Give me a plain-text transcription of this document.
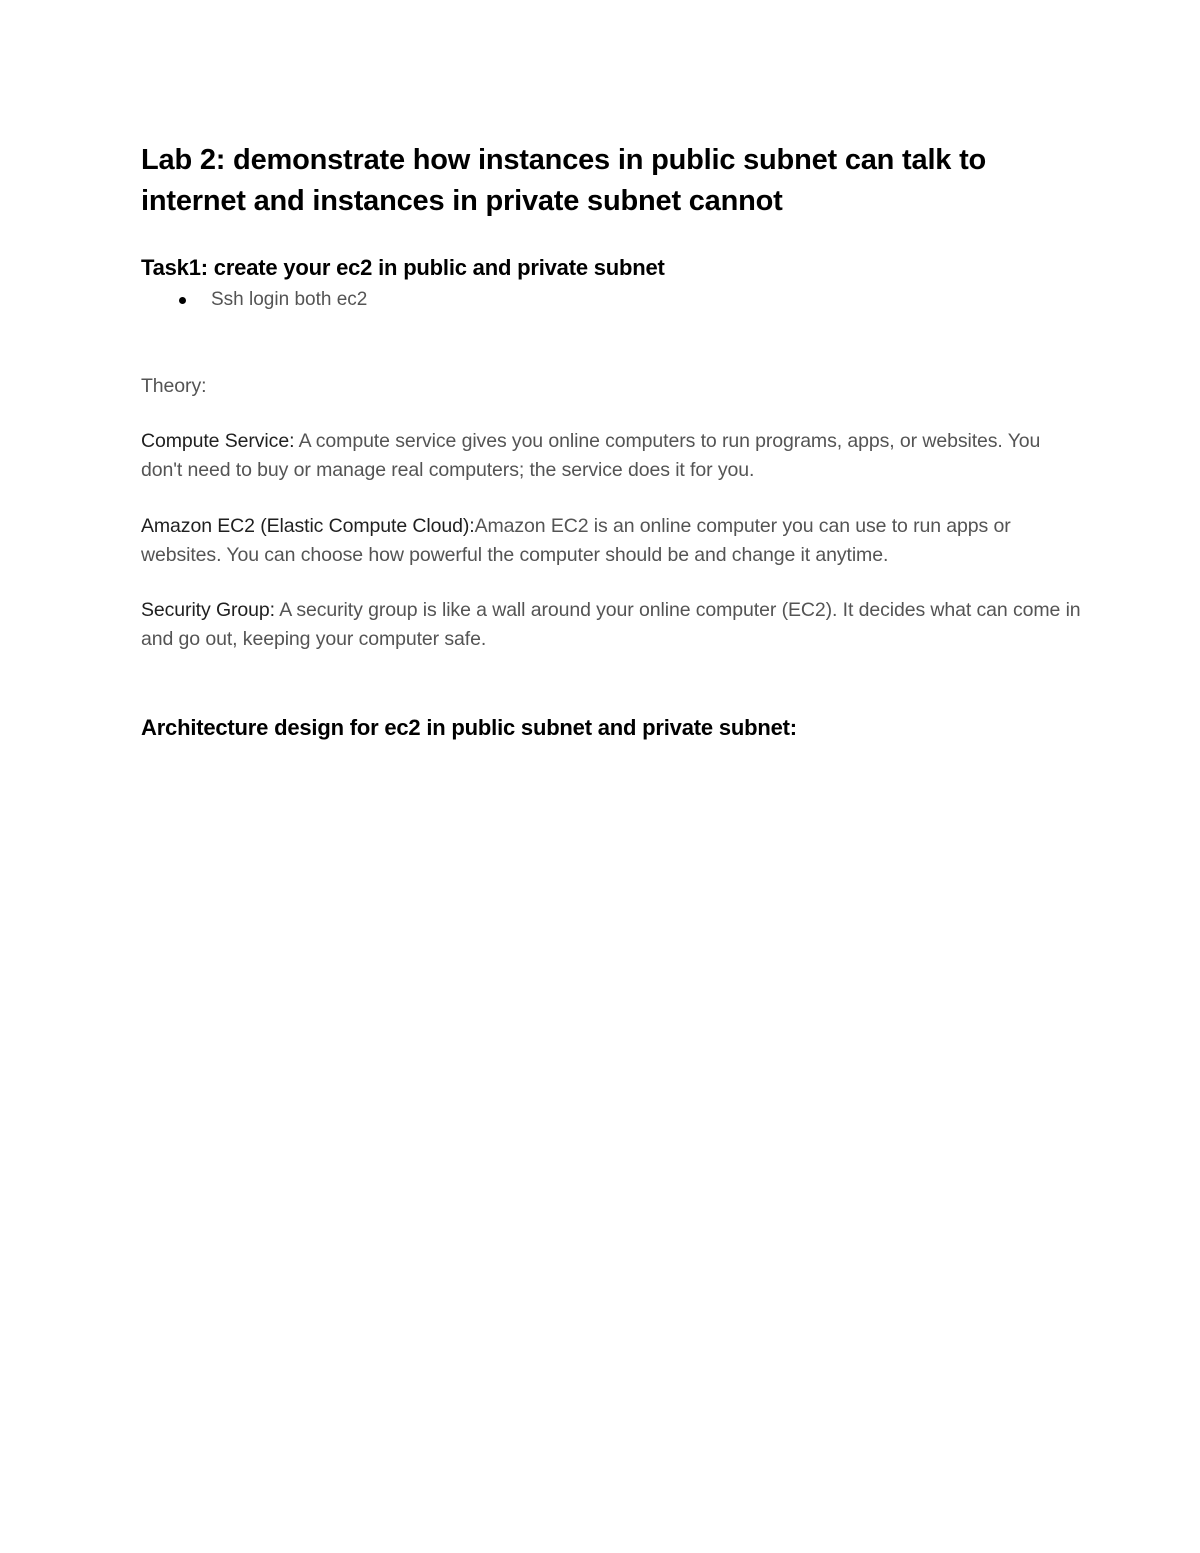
Lab 2: demonstrate how instances in public subnet can talk to internet and instances in private subnet cannot
Task1: create your ec2 in public and private subnet
Ssh login both ec2

Theory:

Compute Service: A compute service gives you online computers to run programs, apps, or websites. You don't need to buy or manage real computers; the service does it for you.

Amazon EC2 (Elastic Compute Cloud):Amazon EC2 is an online computer you can use to run apps or websites. You can choose how powerful the computer should be and change it anytime.

Security Group: A security group is like a wall around your online computer (EC2). It decides what can come in and go out, keeping your computer safe.

Architecture design for ec2 in public subnet and private subnet:
